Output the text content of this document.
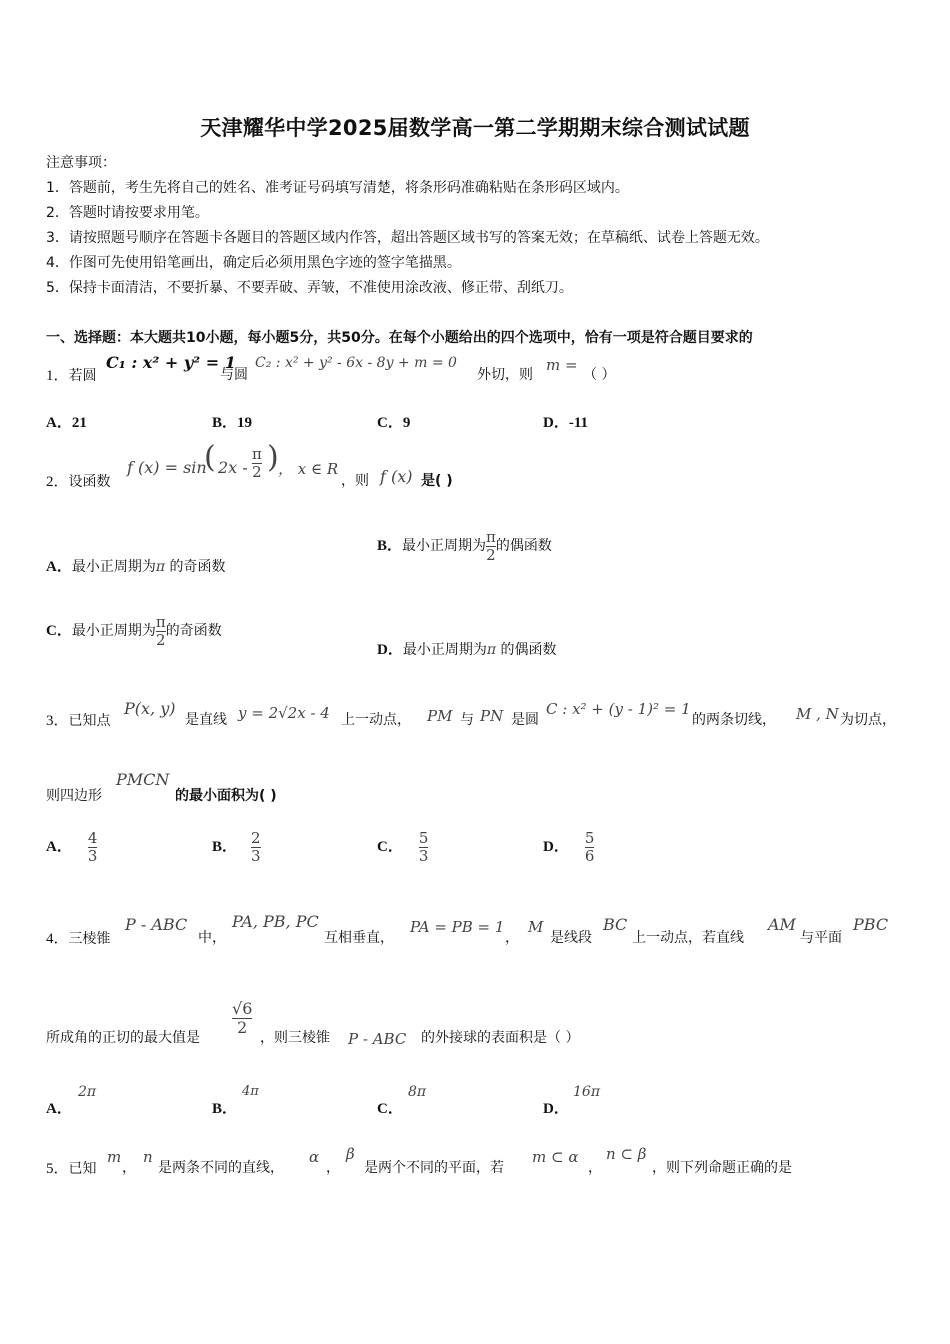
天津耀华中学2025届数学高一第二学期期末综合测试试题
注意事项：
1．答题前，考生先将自己的姓名、准考证号码填写清楚，将条形码准确粘贴在条形码区域内。
2．答题时请按要求用笔。
3．请按照题号顺序在答题卡各题目的答题区域内作答，超出答题区域书写的答案无效；在草稿纸、试卷上答题无效。
4．作图可先使用铅笔画出，确定后必须用黑色字迹的签字笔描黑。
5．保持卡面清洁，不要折暴、不要弄破、弄皱，不准使用涂改液、修正带、刮纸刀。
一、选择题：本大题共10小题，每小题5分，共50分。在每个小题给出的四个选项中，恰有一项是符合题目要求的
1．若圆
C₁ : x² + y² = 1
与圆
C₂ : x² + y² - 6x - 8y + m = 0
外切，则
m =
（ ）
A．21	B．19	C．9	D．-11
2．设函数
f (x) = sin
( $2x - \frac{\pi}{2}$ ) ， x ∈ R
，则 f (x) 是( )
A．最小正周期为π 的奇函数
B．最小正周期为 $\frac{\pi}{2}$ 的偶函数
C．最小正周期为 $\frac{\pi}{2}$ 的奇函数
D．最小正周期为π 的偶函数
3．已知点
P(x, y)
是直线 y = 2√2x - 4 上一动点， PM 与 PN 是圆
C : x² + (y - 1)² = 1
的两条切线， M , N 为切点，
则四边形
PMCN
的最小面积为( )
A． $\frac{4}{3}$	B． $\frac{2}{3}$	C． $\frac{5}{3}$	D． $\frac{5}{6}$
4．三棱锥
P - ABC
中，
PA, PB, PC
互相垂直，
PA = PB = 1
，
M
是线段
BC
上一动点，若直线
AM
与平面
PBC
所成角的正切的最大值是
$\frac{√6}{2}$
，则三棱锥 P - ABC 的外接球的表面积是（ ）
A．
2π
B．
4π
C．
8π
D．
16π
5．已知
m
，
n
是两条不同的直线，
α
，
β
是两个不同的平面，若
m ⊂ α
，
n ⊂ β
，则下列命题正确的是
